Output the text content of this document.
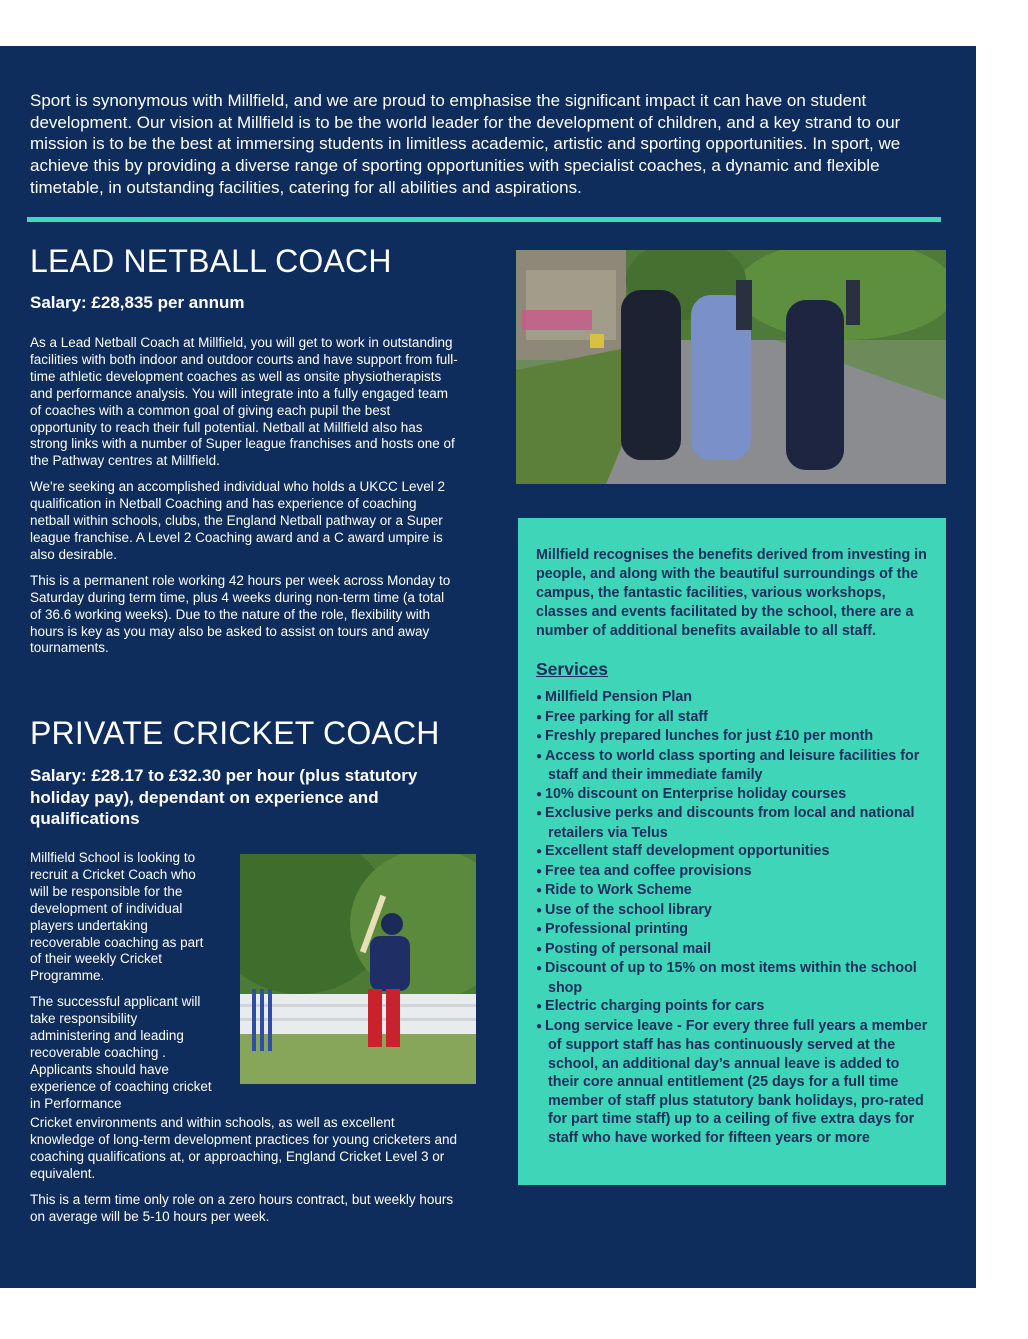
Sport is synonymous with Millfield, and we are proud to emphasise the significant impact it can have on student development. Our vision at Millfield is to be the world leader for the development of children, and a key strand to our mission is to be the best at immersing students in limitless academic, artistic and sporting opportunities. In sport, we achieve this by providing a diverse range of sporting opportunities with specialist coaches, a dynamic and flexible timetable, in outstanding facilities, catering for all abilities and aspirations.

LEAD NETBALL COACH

Salary: £28,835 per annum

As a Lead Netball Coach at Millfield, you will get to work in outstanding facilities with both indoor and outdoor courts and have support from full-time athletic development coaches as well as onsite physiotherapists and performance analysis. You will integrate into a fully engaged team of coaches with a common goal of giving each pupil the best opportunity to reach their full potential. Netball at Millfield also has strong links with a number of Super league franchises and hosts one of the Pathway centres at Millfield.

We're seeking an accomplished individual who holds a UKCC Level 2 qualification in Netball Coaching and has experience of coaching netball within schools, clubs, the England Netball pathway or a Super league franchise. A Level 2 Coaching award and a C award umpire is also desirable.

This is a permanent role working 42 hours per week across Monday to Saturday during term time, plus 4 weeks during non-term time (a total of 36.6 working weeks). Due to the nature of the role, flexibility with hours is key as you may also be asked to assist on tours and away tournaments.

PRIVATE CRICKET COACH

Salary: £28.17 to £32.30 per hour (plus statutory holiday pay), dependant on experience and qualifications

Millfield School is looking to recruit a Cricket Coach who will be responsible for the development of individual players undertaking recoverable coaching as part of their weekly Cricket Programme.

The successful applicant will take responsibility administering and leading recoverable coaching . Applicants should have experience of coaching cricket in Performance

Cricket environments and within schools, as well as excellent knowledge of long-term development practices for young cricketers and coaching qualifications at, or approaching, England Cricket Level 3 or equivalent.

This is a term time only role on a zero hours contract, but weekly hours on average will be 5-10 hours per week.

Millfield recognises the benefits derived from investing in people, and along with the beautiful surroundings of the campus, the fantastic facilities, various workshops, classes and events facilitated by the school, there are a number of additional benefits available to all staff.

Services
● Millfield Pension Plan
● Free parking for all staff
● Freshly prepared lunches for just £10 per month
● Access to world class sporting and leisure facilities for staff and their immediate family
● 10% discount on Enterprise holiday courses
● Exclusive perks and discounts from local and national retailers via Telus
● Excellent staff development opportunities
● Free tea and coffee provisions
● Ride to Work Scheme
● Use of the school library
● Professional printing
● Posting of personal mail
● Discount of up to 15% on most items within the school shop
● Electric charging points for cars
● Long service leave - For every three full years a member of support staff has has continuously served at the school, an additional day’s annual leave is added to their core annual entitlement (25 days for a full time member of staff plus statutory bank holidays, pro-rated for part time staff) up to a ceiling of five extra days for staff who have worked for fifteen years or more
